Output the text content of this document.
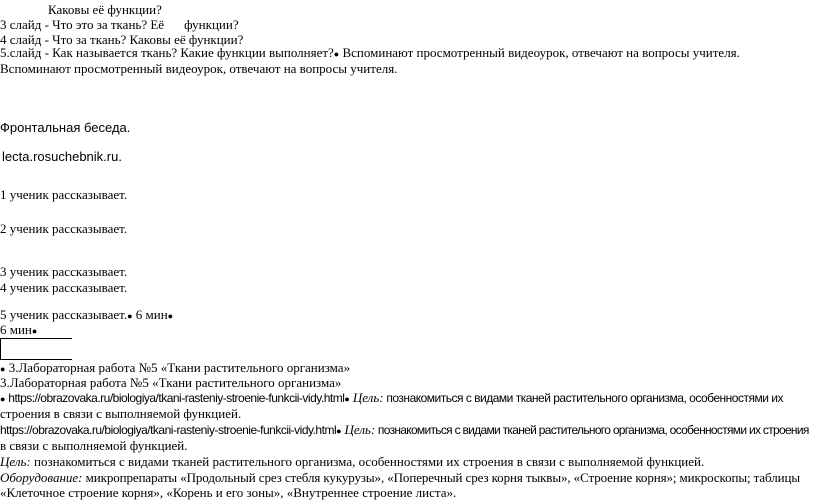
Каковы её функции?
3 слайд - Что это за ткань? Её функции?
4 слайд - Что за ткань? Каковы её функции?
5.слайд - Как называется ткань? Какие функции выполняет?● Вспоминают просмотренный видеоурок, отвечают на вопросы учителя.
Вспоминают просмотренный видеоурок, отвечают на вопросы учителя.
Фронтальная беседа.
lecta.rosuchebnik.ru.
1 ученик рассказывает.
2 ученик рассказывает.
3 ученик рассказывает.
4 ученик рассказывает.
5 ученик рассказывает.● 6 мин●
6 мин●
● 3.Лабораторная работа №5 «Ткани растительного организма»
3.Лабораторная работа №5 «Ткани растительного организма»
● https://obrazovaka.ru/biologiya/tkani-rasteniy-stroenie-funkcii-vidy.html● Цель: познакомиться с видами тканей растительного организма, особенностями их
строения в связи с выполняемой функцией.
https://obrazovaka.ru/biologiya/tkani-rasteniy-stroenie-funkcii-vidy.html● Цель: познакомиться с видами тканей растительного организма, особенностями их строения
в связи с выполняемой функцией.
Цель: познакомиться с видами тканей растительного организма, особенностями их строения в связи с выполняемой функцией.
Оборудование: микропрепараты «Продольный срез стебля кукурузы», «Поперечный срез корня тыквы», «Строение корня»; микроскопы; таблицы
«Клеточное строение корня», «Корень и его зоны», «Внутреннее строение листа».
